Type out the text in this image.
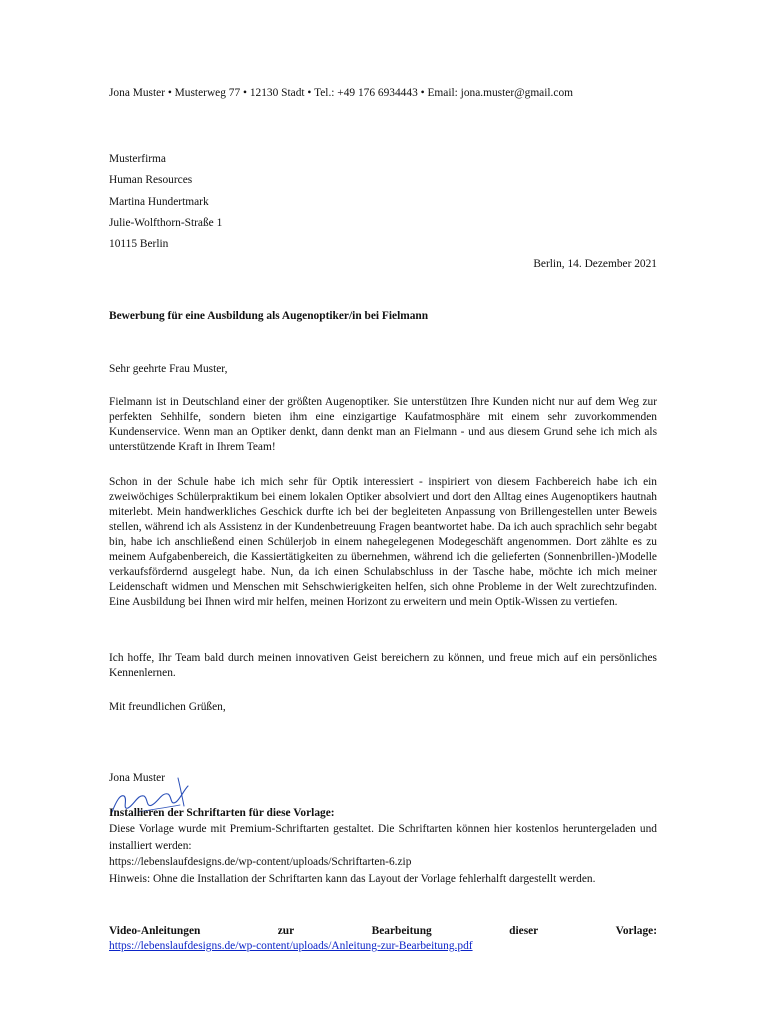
Jona Muster • Musterweg 77 • 12130 Stadt • Tel.: +49 176 6934443 • Email: jona.muster@gmail.com
Musterfirma
Human Resources
Martina Hundertmark
Julie-Wolfthorn-Straße 1
10115 Berlin
Berlin, 14. Dezember 2021
Bewerbung für eine Ausbildung als Augenoptiker/in bei Fielmann
Sehr geehrte Frau Muster,
Fielmann ist in Deutschland einer der größten Augenoptiker. Sie unterstützen Ihre Kunden nicht nur auf dem Weg zur perfekten Sehhilfe, sondern bieten ihm eine einzigartige Kaufatmosphäre mit einem sehr zuvorkommenden Kundenservice. Wenn man an Optiker denkt, dann denkt man an Fielmann - und aus diesem Grund sehe ich mich als unterstützende Kraft in Ihrem Team!
Schon in der Schule habe ich mich sehr für Optik interessiert - inspiriert von diesem Fachbereich habe ich ein zweiwöchiges Schülerpraktikum bei einem lokalen Optiker absolviert und dort den Alltag eines Augenoptikers hautnah miterlebt. Mein handwerkliches Geschick durfte ich bei der begleiteten Anpassung von Brillengestellen unter Beweis stellen, während ich als Assistenz in der Kundenbetreuung Fragen beantwortet habe. Da ich auch sprachlich sehr begabt bin, habe ich anschließend einen Schülerjob in einem nahegelegenen Modegeschäft angenommen. Dort zählte es zu meinem Aufgabenbereich, die Kassiertätigkeiten zu übernehmen, während ich die gelieferten (Sonnenbrillen-)Modelle verkaufsfördernd ausgelegt habe. Nun, da ich einen Schulabschluss in der Tasche habe, möchte ich mich meiner Leidenschaft widmen und Menschen mit Sehschwierigkeiten helfen, sich ohne Probleme in der Welt zurechtzufinden. Eine Ausbildung bei Ihnen wird mir helfen, meinen Horizont zu erweitern und mein Optik-Wissen zu vertiefen.
Ich hoffe, Ihr Team bald durch meinen innovativen Geist bereichern zu können, und freue mich auf ein persönliches Kennenlernen.
Mit freundlichen Grüßen,
Jona Muster
Installieren der Schriftarten für diese Vorlage:
Diese Vorlage wurde mit Premium-Schriftarten gestaltet. Die Schriftarten können hier kostenlos heruntergeladen und installiert werden:
https://lebenslaufdesigns.de/wp-content/uploads/Schriftarten-6.zip
Hinweis: Ohne die Installation der Schriftarten kann das Layout der Vorlage fehlerhalft dargestellt werden.
Video-Anleitungen	zur	Bearbeitung	dieser	Vorlage:
https://lebenslaufdesigns.de/wp-content/uploads/Anleitung-zur-Bearbeitung.pdf
